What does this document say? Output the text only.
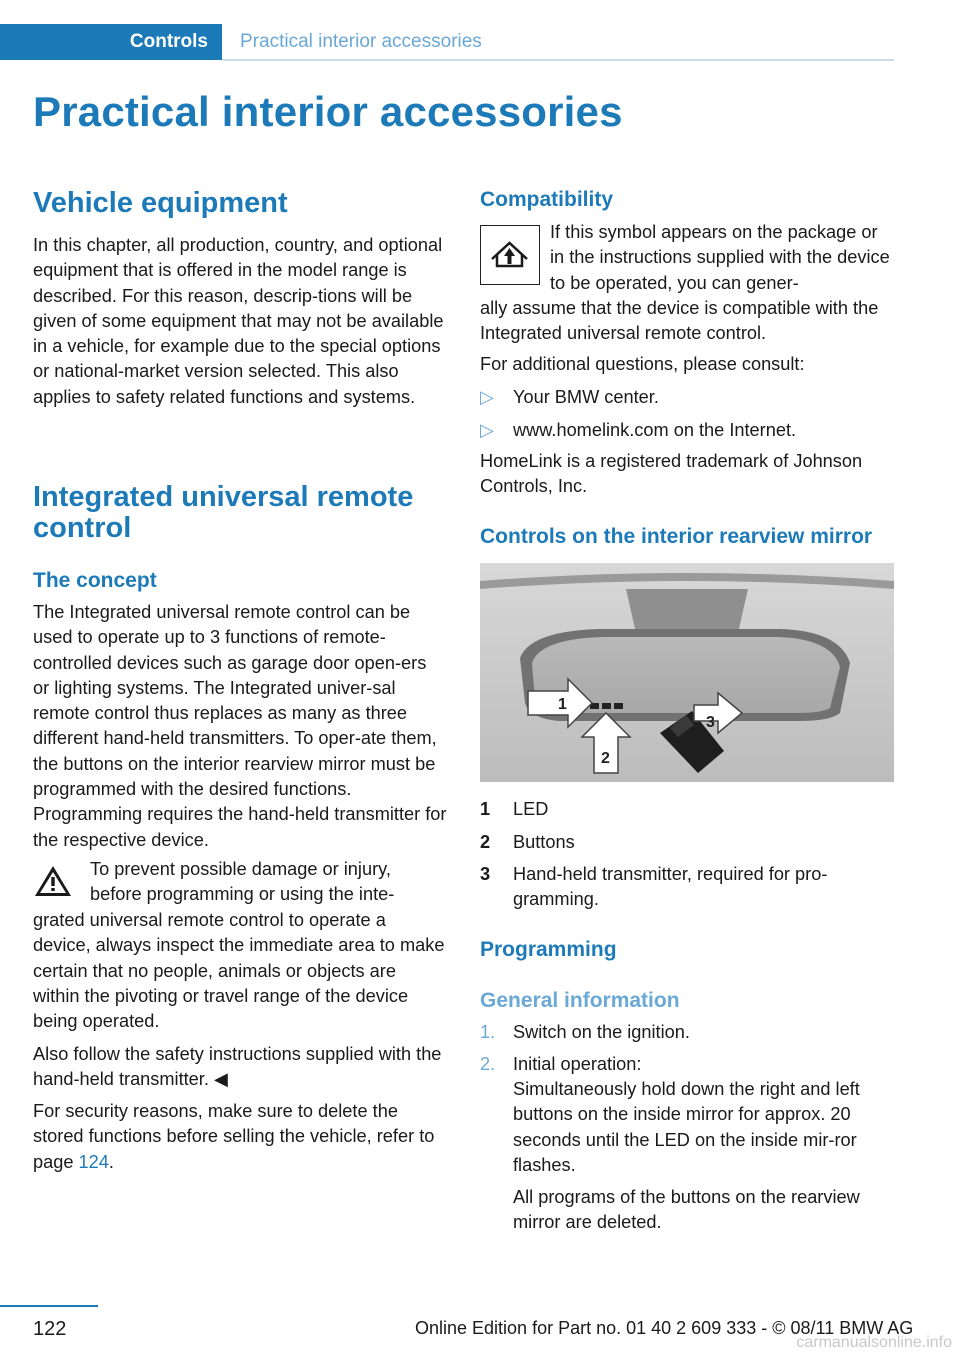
Controls Practical interior accessories
Practical interior accessories
Vehicle equipment

In this chapter, all production, country, and optional equipment that is offered in the model range is described. For this reason, descrip-tions will be given of some equipment that may not be available in a vehicle, for example due to the special options or national-market version selected. This also applies to safety related functions and systems.

Integrated universal remote control
The concept

The Integrated universal remote control can be used to operate up to 3 functions of remote-controlled devices such as garage door open-ers or lighting systems. The Integrated univer-sal remote control thus replaces as many as three different hand-held transmitters. To oper-ate them, the buttons on the interior rearview mirror must be programmed with the desired functions. Programming requires the hand-held transmitter for the respective device.

To prevent possible damage or injury, before programming or using the inte-

grated universal remote control to operate a device, always inspect the immediate area to make certain that no people, animals or objects are within the pivoting or travel range of the device being operated.

Also follow the safety instructions supplied with the hand-held transmitter. ◀

For security reasons, make sure to delete the stored functions before selling the vehicle, refer to page 124.

Compatibility

If this symbol appears on the package or in the instructions supplied with the device to be operated, you can gener-

ally assume that the device is compatible with the Integrated universal remote control.

For additional questions, please consult:

▷ Your BMW center.
▷ www.homelink.com on the Internet.

HomeLink is a registered trademark of Johnson Controls, Inc.

Controls on the interior rearview mirror
1 LED
2 Buttons
3 Hand-held transmitter, required for pro-gramming.
Programming
General information
1. Switch on the ignition.
2. Initial operation:
Simultaneously hold down the right and left buttons on the inside mirror for approx. 20 seconds until the LED on the inside mir-ror flashes.

All programs of the buttons on the rearview mirror are deleted.

1
2
3
122	Online Edition for Part no. 01 40 2 609 333 - © 08/11 BMW AG
carmanualsonline.info
